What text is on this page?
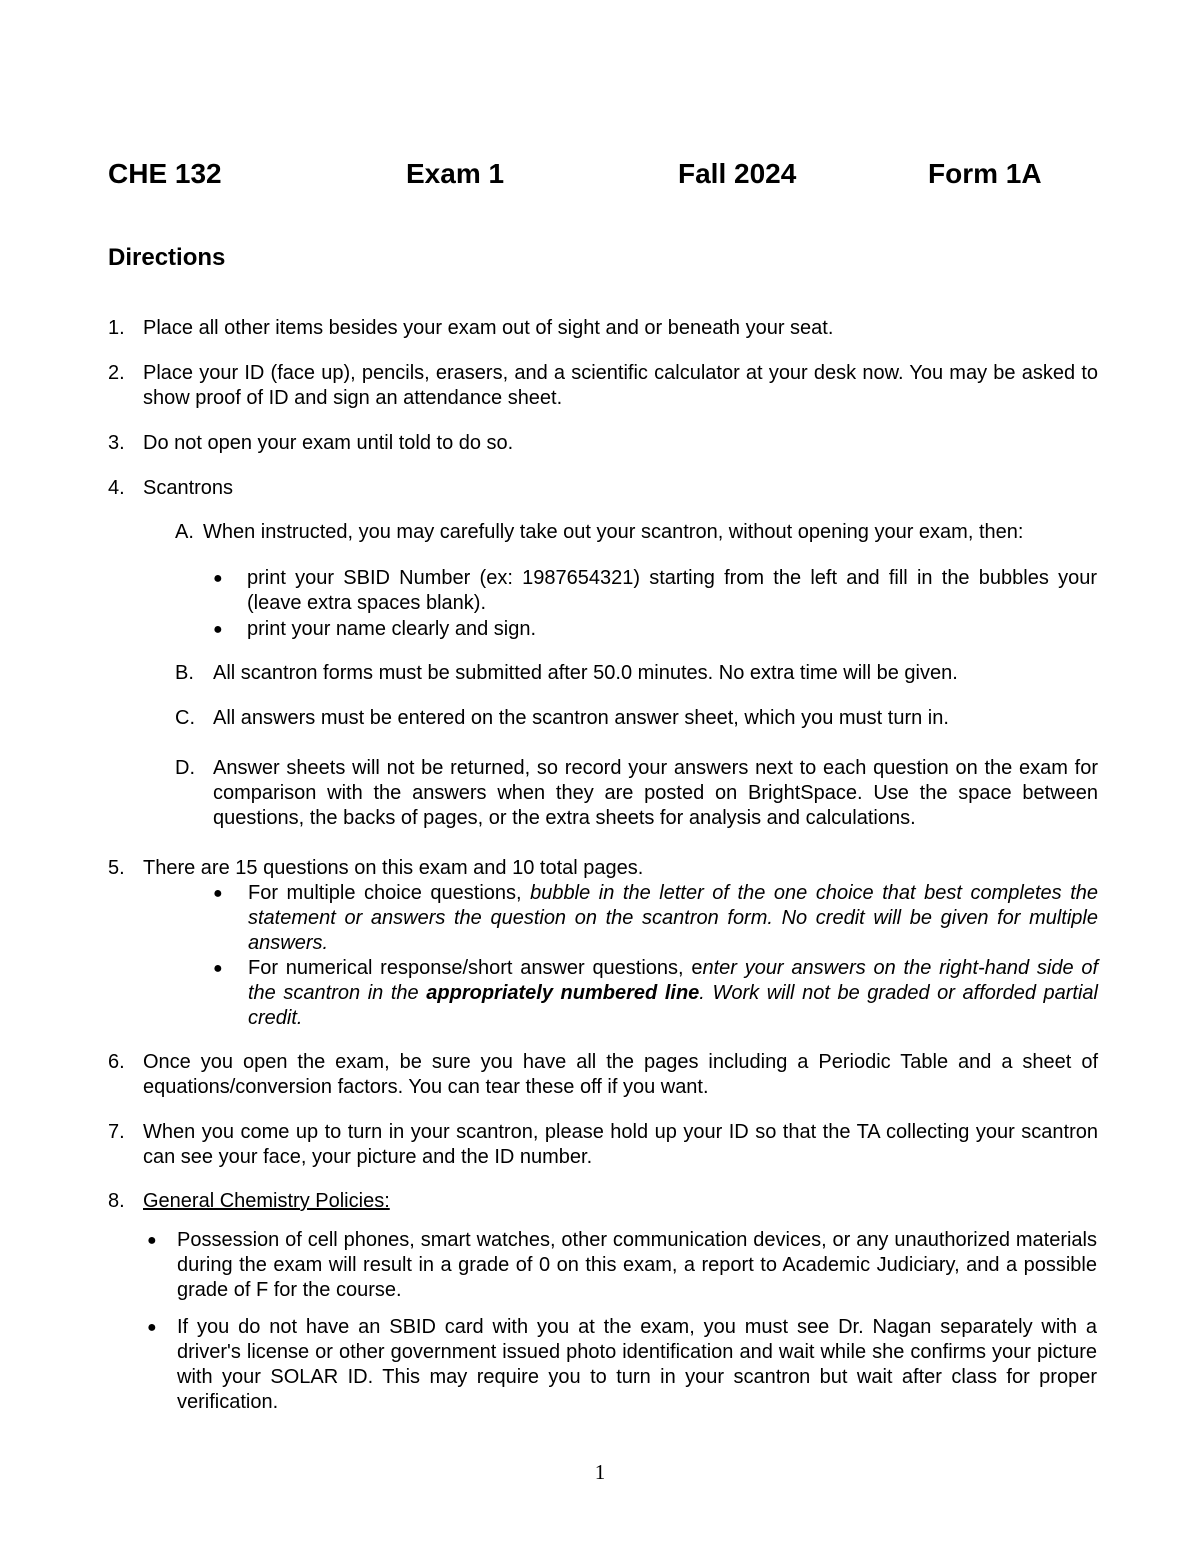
CHE 132	Exam 1	Fall 2024	Form 1A
Directions
1. Place all other items besides your exam out of sight and or beneath your seat.
2. Place your ID (face up), pencils, erasers, and a scientific calculator at your desk now. You may be asked to show proof of ID and sign an attendance sheet.
3. Do not open your exam until told to do so.
4. Scantrons
A. When instructed, you may carefully take out your scantron, without opening your exam, then:
● print your SBID Number (ex: 1987654321) starting from the left and fill in the bubbles your (leave extra spaces blank).
● print your name clearly and sign.
B. All scantron forms must be submitted after 50.0 minutes. No extra time will be given.
C. All answers must be entered on the scantron answer sheet, which you must turn in.
D. Answer sheets will not be returned, so record your answers next to each question on the exam for comparison with the answers when they are posted on BrightSpace. Use the space between questions, the backs of pages, or the extra sheets for analysis and calculations.
5. There are 15 questions on this exam and 10 total pages.
● For multiple choice questions, bubble in the letter of the one choice that best completes the statement or answers the question on the scantron form. No credit will be given for multiple answers.
● For numerical response/short answer questions, enter your answers on the right-hand side of the scantron in the appropriately numbered line. Work will not be graded or afforded partial credit.
6. Once you open the exam, be sure you have all the pages including a Periodic Table and a sheet of equations/conversion factors. You can tear these off if you want.
7. When you come up to turn in your scantron, please hold up your ID so that the TA collecting your scantron can see your face, your picture and the ID number.
8. General Chemistry Policies:
● Possession of cell phones, smart watches, other communication devices, or any unauthorized materials during the exam will result in a grade of 0 on this exam, a report to Academic Judiciary, and a possible grade of F for the course.
● If you do not have an SBID card with you at the exam, you must see Dr. Nagan separately with a driver's license or other government issued photo identification and wait while she confirms your picture with your SOLAR ID. This may require you to turn in your scantron but wait after class for proper verification.
1
